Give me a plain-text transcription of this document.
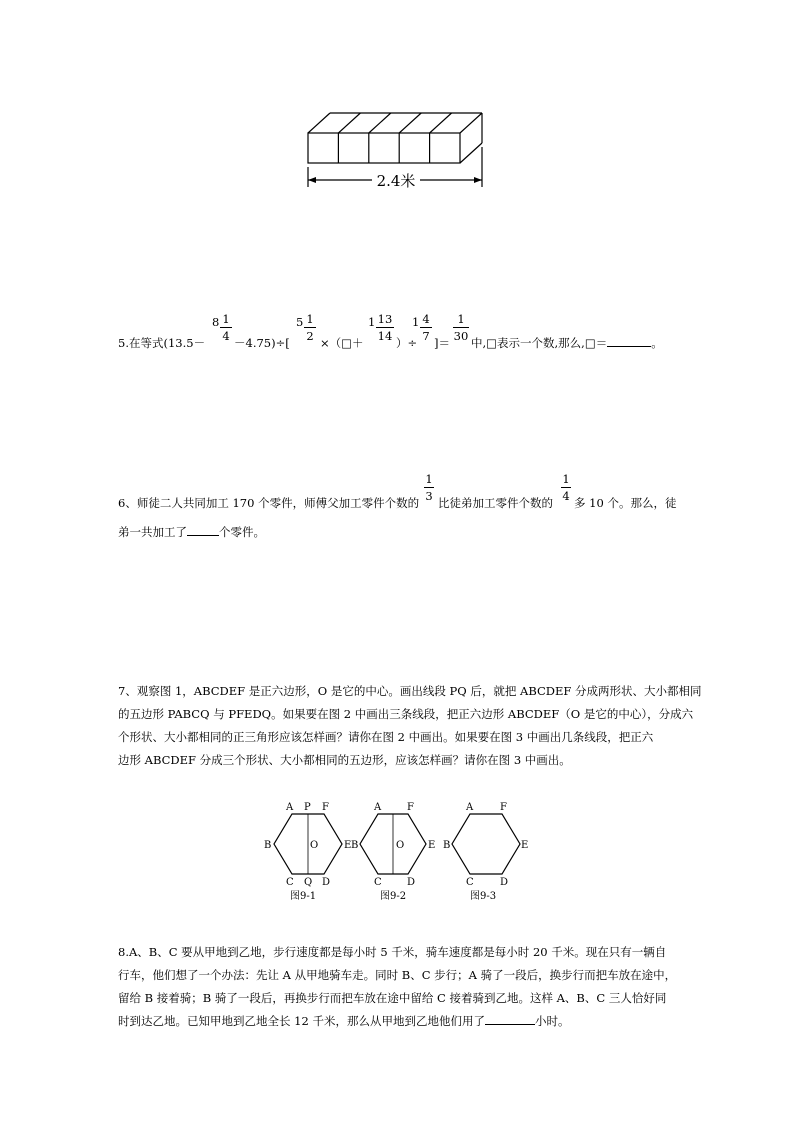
2.4米
5.在等式(13.5－
8 1
4 －4.75)÷[
5 1
2 ×（□＋
1 13
14 ）÷
1 4
7 ]＝
1
30 中,□表示一个数,那么,□＝	。
6、师徒二人共同加工 170 个零件，师傅父加工零件个数的
1
3 比徒弟加工零件个数的
1
4 多 10 个。那么，徒
弟一共加工了	个零件。
7、观察图 1，ABCDEF 是正六边形，O 是它的中心。画出线段 PQ 后，就把 ABCDEF 分成两形状、大小都相同
的五边形 PABCQ 与 PFEDQ。如果要在图 2 中画出三条线段，把正六边形 ABCDEF（O 是它的中心），分成六
个形状、大小都相同的正三角形应该怎样画？请你在图 2 中画出。如果要在图 3 中画出几条线段，把正六
边形 ABCDEF 分成三个形状、大小都相同的五边形，应该怎样画？请你在图 3 中画出。
A P F
B	O	E
C Q D
图9-1
A	F
B	O E
C	D
图9-2
A	F
B	E
C	D
图9-3
8.A、B、C 要从甲地到乙地，步行速度都是每小时 5 千米，骑车速度都是每小时 20 千米。现在只有一辆自
行车，他们想了一个办法：先让 A 从甲地骑车走。同时 B、C 步行；A 骑了一段后，换步行而把车放在途中，
留给 B 接着骑；B 骑了一段后，再换步行而把车放在途中留给 C 接着骑到乙地。这样 A、B、C 三人恰好同
时到达乙地。已知甲地到乙地全长 12 千米，那么从甲地到乙地他们用了	小时。
